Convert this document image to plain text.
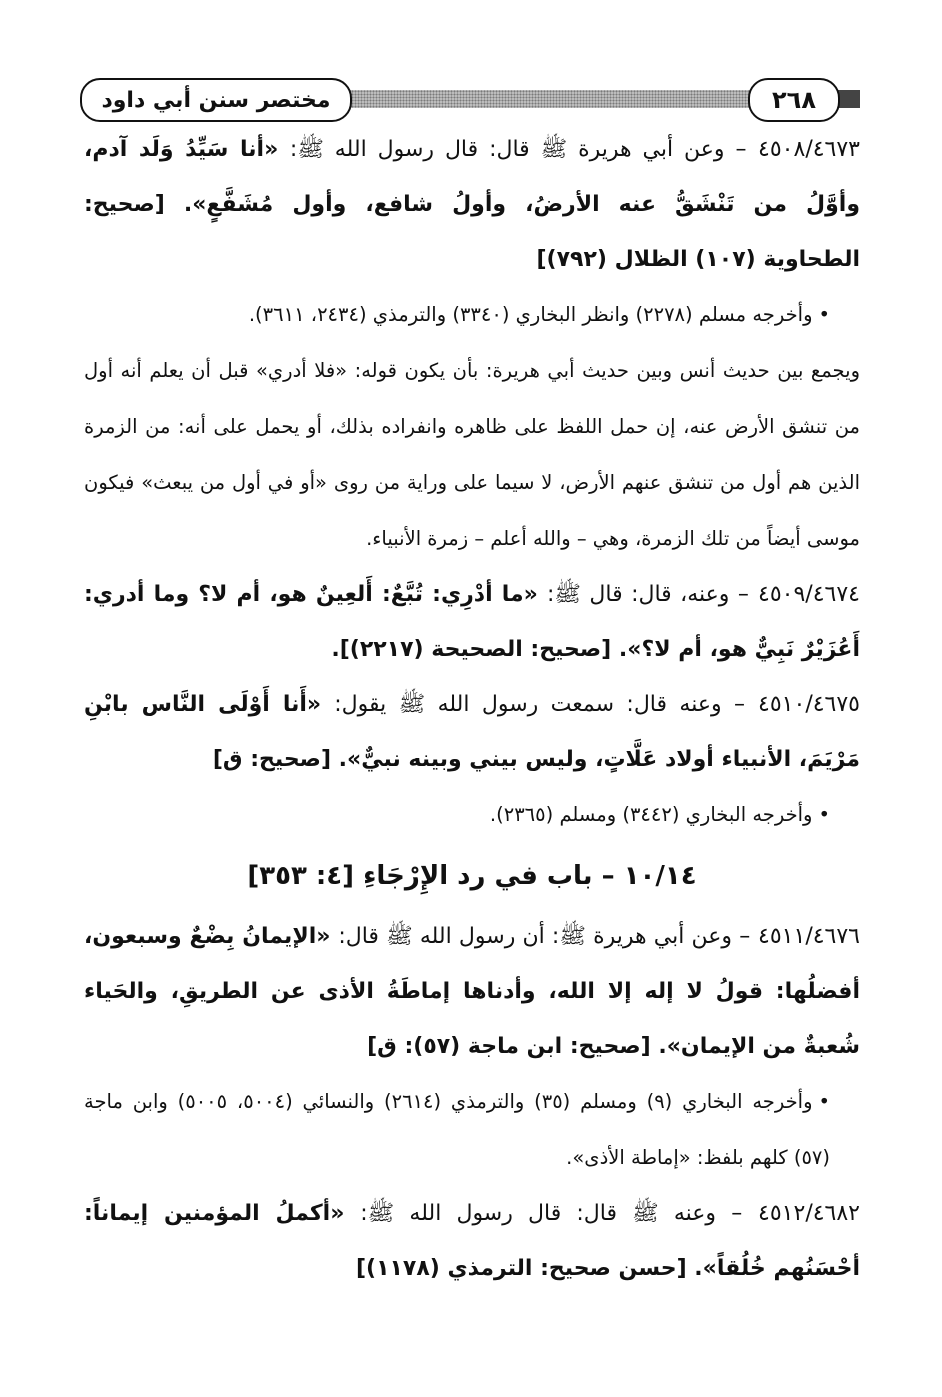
مختصر سنن أبي داود	٢٦٨

٤٥٠٨/٤٦٧٣ – وعن أبي هريرة ﷺ قال: قال رسول الله ﷺ: «أنا سَيِّدُ وَلَد آدم، وأوَّلُ من تَنْشَقُّ عنه الأرضُ، وأولُ شافع، وأول مُشَفَّعٍ». [صحيح: الطحاوية (١٠٧) الظلال (٧٩٢)]

•وأخرجه مسلم (٢٢٧٨) وانظر البخاري (٣٣٤٠) والترمذي (٢٤٣٤، ٣٦١١).

ويجمع بين حديث أنس وبين حديث أبي هريرة: بأن يكون قوله: «فلا أدري» قبل أن يعلم أنه أول من تنشق الأرض عنه، إن حمل اللفظ على ظاهره وانفراده بذلك، أو يحمل على أنه: من الزمرة الذين هم أول من تنشق عنهم الأرض، لا سيما على وراية من روى «أو في أول من يبعث» فيكون موسى أيضاً من تلك الزمرة، وهي – والله أعلم – زمرة الأنبياء.

٤٥٠٩/٤٦٧٤ – وعنه، قال: قال ﷺ: «ما أدْرِي: تُبَّعٌ: أَلعِينٌ هو، أم لا؟ وما أدري: أَعُزَيْرٌ نَبِيٌّ هو، أم لا؟». [صحيح: الصحيحة (٢٢١٧)].

٤٥١٠/٤٦٧٥ – وعنه قال: سمعت رسول الله ﷺ يقول: «أَنا أَوْلَى النَّاس بابْنِ مَرْيَمَ، الأنبياء أولاد عَلَّاتٍ، وليس بيني وبينه نبيٌّ». [صحيح: ق]

•وأخرجه البخاري (٣٤٤٢) ومسلم (٢٣٦٥).

١٠/١٤ – باب في رد الإِرْجَاءِ [٤: ٣٥٣]

٤٥١١/٤٦٧٦ – وعن أبي هريرة ﷺ: أن رسول الله ﷺ قال: «الإيمانُ بِضْعٌ وسبعون، أفضلُها: قولُ لا إله إلا الله، وأدناها إماطَةُ الأذى عن الطريقِ، والحَياء شُعبةٌ من الإيمان». [صحيح: ابن ماجة (٥٧): ق]

•وأخرجه البخاري (٩) ومسلم (٣٥) والترمذي (٢٦١٤) والنسائي (٥٠٠٤، ٥٠٠٥) وابن ماجة (٥٧) كلهم بلفظ: «إماطة الأذى».

٤٥١٢/٤٦٨٢ – وعنه ﷺ قال: قال رسول الله ﷺ: «أكملُ المؤمنين إيماناً: أحْسَنُهم خُلُقاً». [حسن صحيح: الترمذي (١١٧٨)]
